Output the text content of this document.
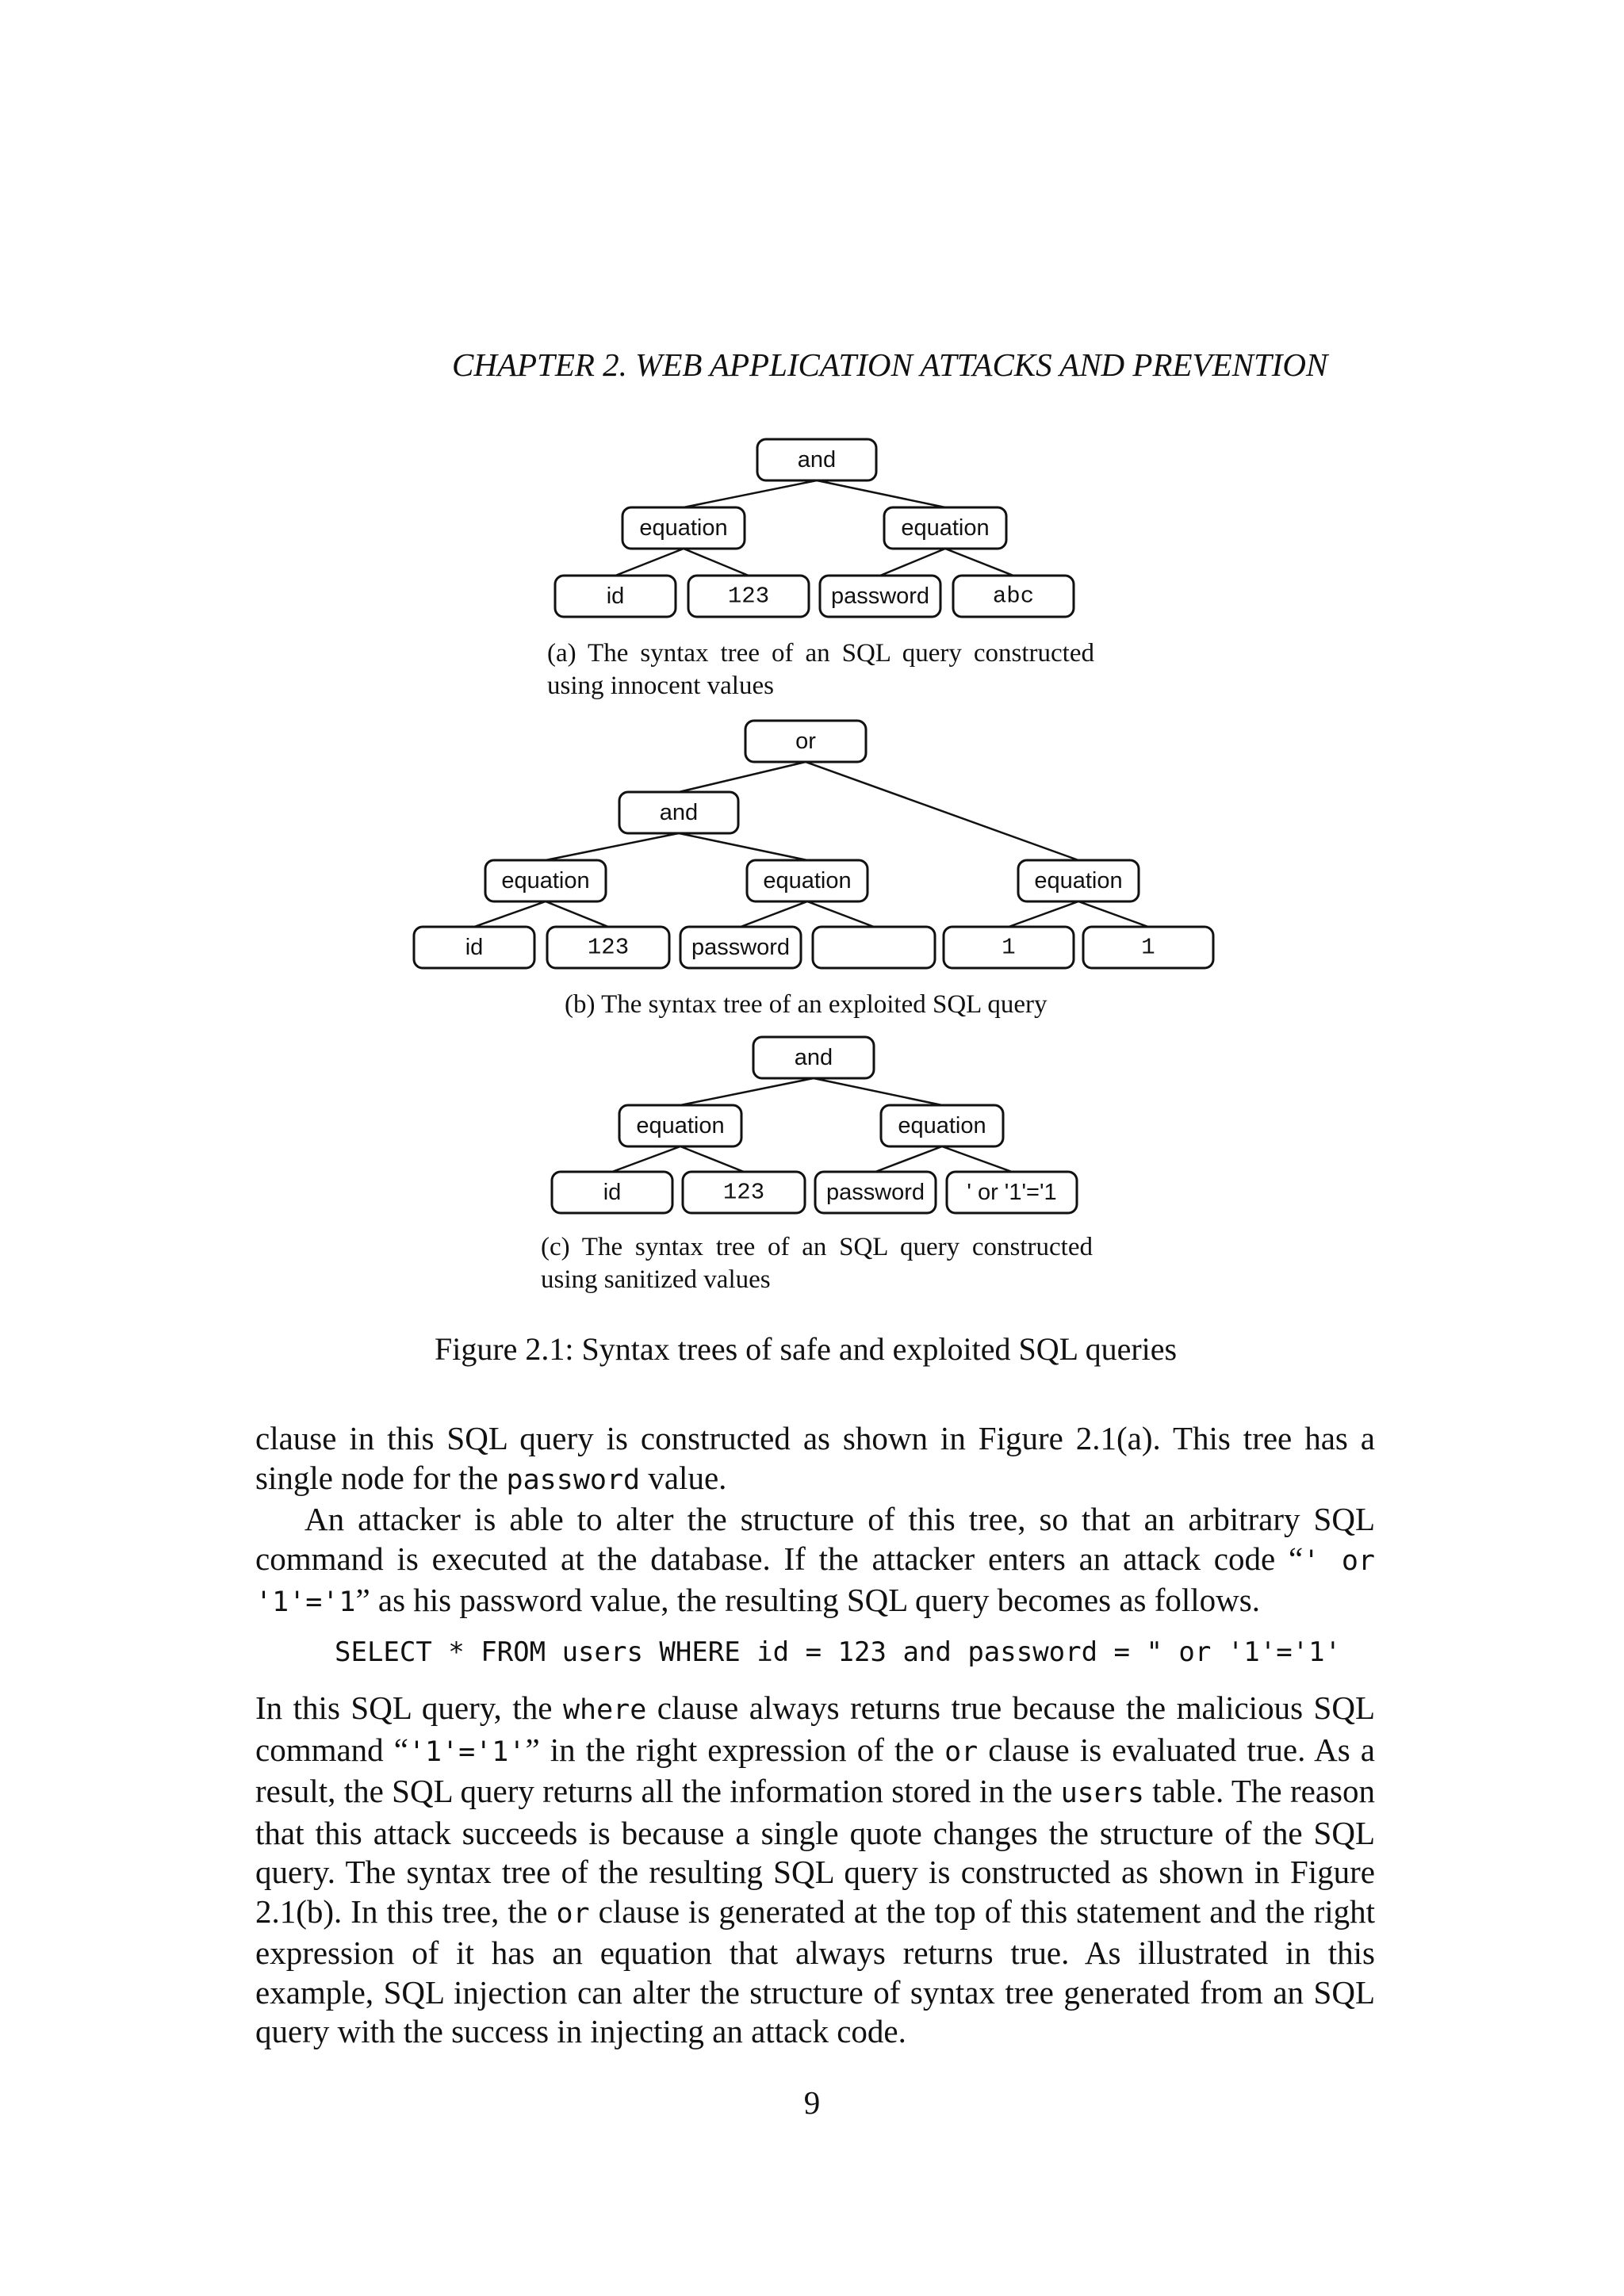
CHAPTER 2. WEB APPLICATION ATTACKS AND PREVENTION
and
equation	equation
id	123	password	abc
(a) The syntax tree of an SQL query constructed using innocent values
or
and
equation	equation	equation
id	123	password	1	1
(b) The syntax tree of an exploited SQL query
and
equation	equation
id	123	password ' or '1'='1
(c) The syntax tree of an SQL query constructed using sanitized values
Figure 2.1: Syntax trees of safe and exploited SQL queries

clause in this SQL query is constructed as shown in Figure 2.1(a). This tree has a single node for the password value.

An attacker is able to alter the structure of this tree, so that an arbitrary SQL command is executed at the database. If the attacker enters an attack code “' or '1'='1” as his password value, the resulting SQL query becomes as follows.

SELECT * FROM users WHERE id = 123 and password = " or '1'='1'

In this SQL query, the where clause always returns true because the malicious SQL command “'1'='1'” in the right expression of the or clause is evaluated true. As a result, the SQL query returns all the information stored in the users table. The reason that this attack succeeds is because a single quote changes the structure of the SQL query. The syntax tree of the resulting SQL query is constructed as shown in Figure 2.1(b). In this tree, the or clause is generated at the top of this statement and the right expression of it has an equation that always returns true. As illustrated in this example, SQL injection can alter the structure of syntax tree generated from an SQL query with the success in injecting an attack code.

9
